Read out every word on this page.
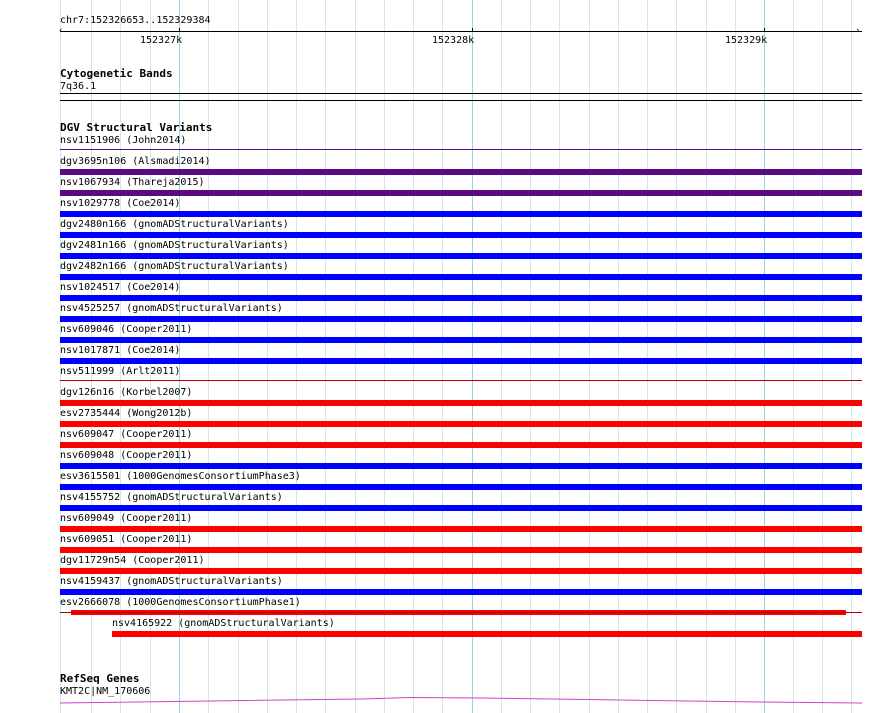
chr7:152326653..152329384
‹	›
152327k	152328k	152329k
Cytogenetic Bands
7q36.1
DGV Structural Variants
nsv1151906 (John2014)
dgv3695n106 (Alsmadi2014)
nsv1067934 (Thareja2015)
nsv1029778 (Coe2014)
dgv2480n166 (gnomADStructuralVariants)
dgv2481n166 (gnomADStructuralVariants)
dgv2482n166 (gnomADStructuralVariants)
nsv1024517 (Coe2014)
nsv4525257 (gnomADStructuralVariants)
nsv609046 (Cooper2011)
nsv1017871 (Coe2014)
nsv511999 (Arlt2011)
dgv126n16 (Korbel2007)
esv2735444 (Wong2012b)
nsv609047 (Cooper2011)
nsv609048 (Cooper2011)
esv3615501 (1000GenomesConsortiumPhase3)
nsv4155752 (gnomADStructuralVariants)
nsv609049 (Cooper2011)
nsv609051 (Cooper2011)
dgv11729n54 (Cooper2011)
nsv4159437 (gnomADStructuralVariants)
esv2666078 (1000GenomesConsortiumPhase1)
nsv4165922 (gnomADStructuralVariants)
RefSeq Genes
KMT2C|NM_170606
